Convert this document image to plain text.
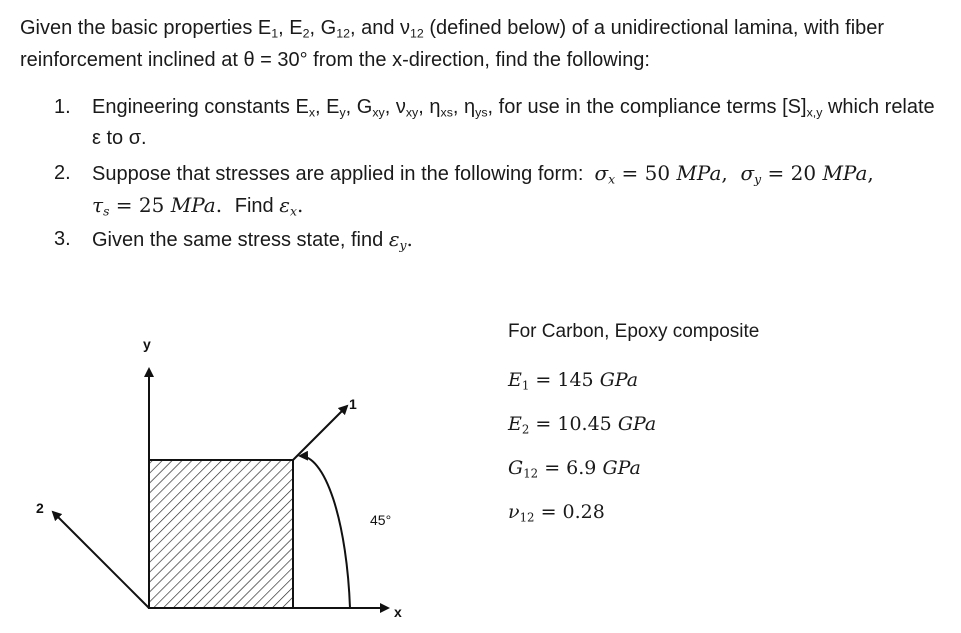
Given the basic properties $E_1$, $E_2$, $G_{12}$, and $\nu_{12}$ (defined below) of a unidirectional lamina, with fiber reinforcement inclined at θ = 30° from the x-direction, find the following:
1. Engineering constants $E_x$, $E_y$, $G_{xy}$, $\nu_{xy}$, $\eta_{xs}$, $\eta_{ys}$, for use in the compliance terms $[S]_{x,y}$ which relate ε to σ.
2. Suppose that stresses are applied in the following form: $\sigma_x = 50$ MPa,  $\sigma_y = 20$ MPa,
$\tau_s = 25$ MPa.  Find $\varepsilon_x$.
3. Given the same stress state, find $\varepsilon_y$.
y
x
1
2
45°
For Carbon, Epoxy composite
$E_1 = 145$ GPa
$E_2 = 10.45$ GPa
$G_{12} = 6.9$ GPa
$\nu_{12} = 0.28$
